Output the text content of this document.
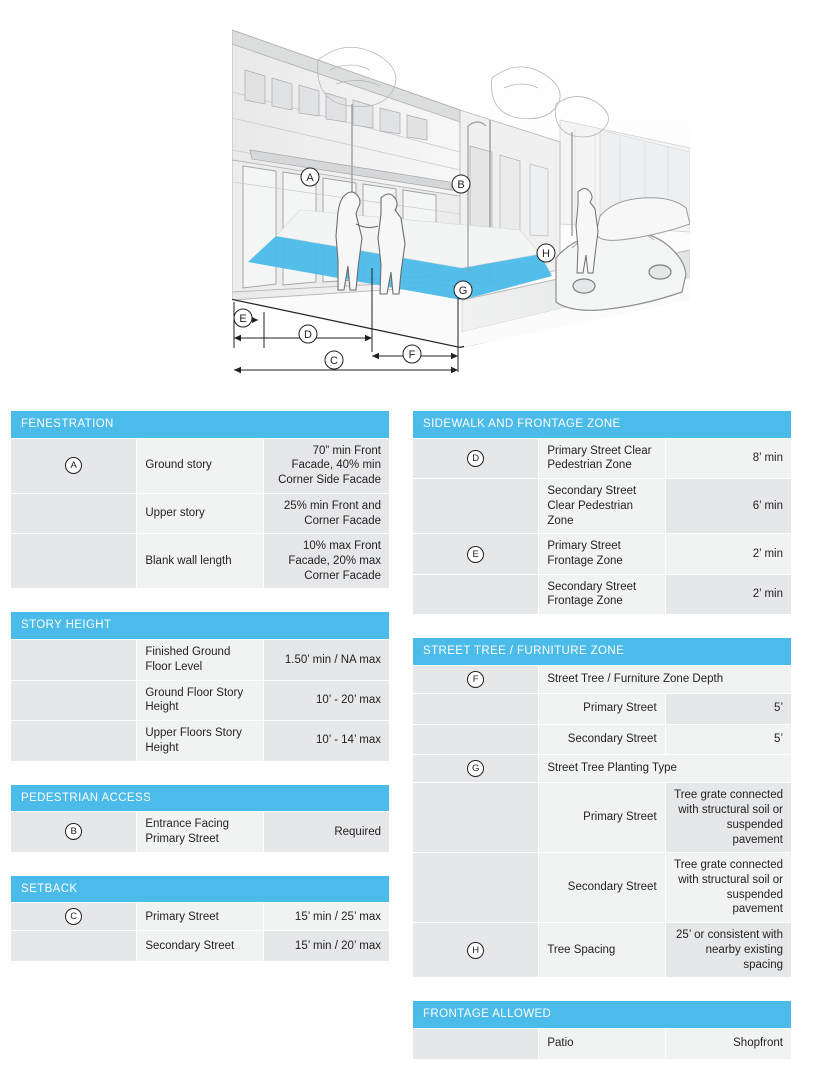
A
B
C
D
E
F
G
H
FENESTRATION		
A	Ground story	70” min Front Facade, 40% min Corner Side Facade
	Upper story	25% min Front and Corner Facade
	Blank wall length	10% max Front Facade, 20% max Corner Facade
STORY HEIGHT		
	Finished Ground Floor Level	1.50’ min / NA max
	Ground Floor Story Height	10’ - 20’ max
	Upper Floors Story Height	10’ - 14’ max
PEDESTRIAN ACCESS
B	Entrance Facing Primary Street	Required
SETBACK		
C	Primary Street	15’ min / 25’ max
	Secondary Street	15’ min / 20’ max
SIDEWALK AND FRONTAGE ZONE		
D	Primary Street Clear Pedestrian Zone	8’ min
	Secondary Street Clear Pedestrian Zone	6’ min
E	Primary Street Frontage Zone	2’ min
	Secondary Street Frontage Zone	2’ min
STREET TREE / FURNITURE ZONE		
F	Street Tree / Furniture Zone Depth	
	Primary Street	5’
	Secondary Street	5’
G	Street Tree Planting Type	
	Primary Street	Tree grate connected with structural soil or suspended pavement
	Secondary Street	Tree grate connected with structural soil or suspended pavement
H	Tree Spacing	25’ or consistent with nearby existing spacing
FRONTAGE ALLOWED
	Patio	Shopfront
